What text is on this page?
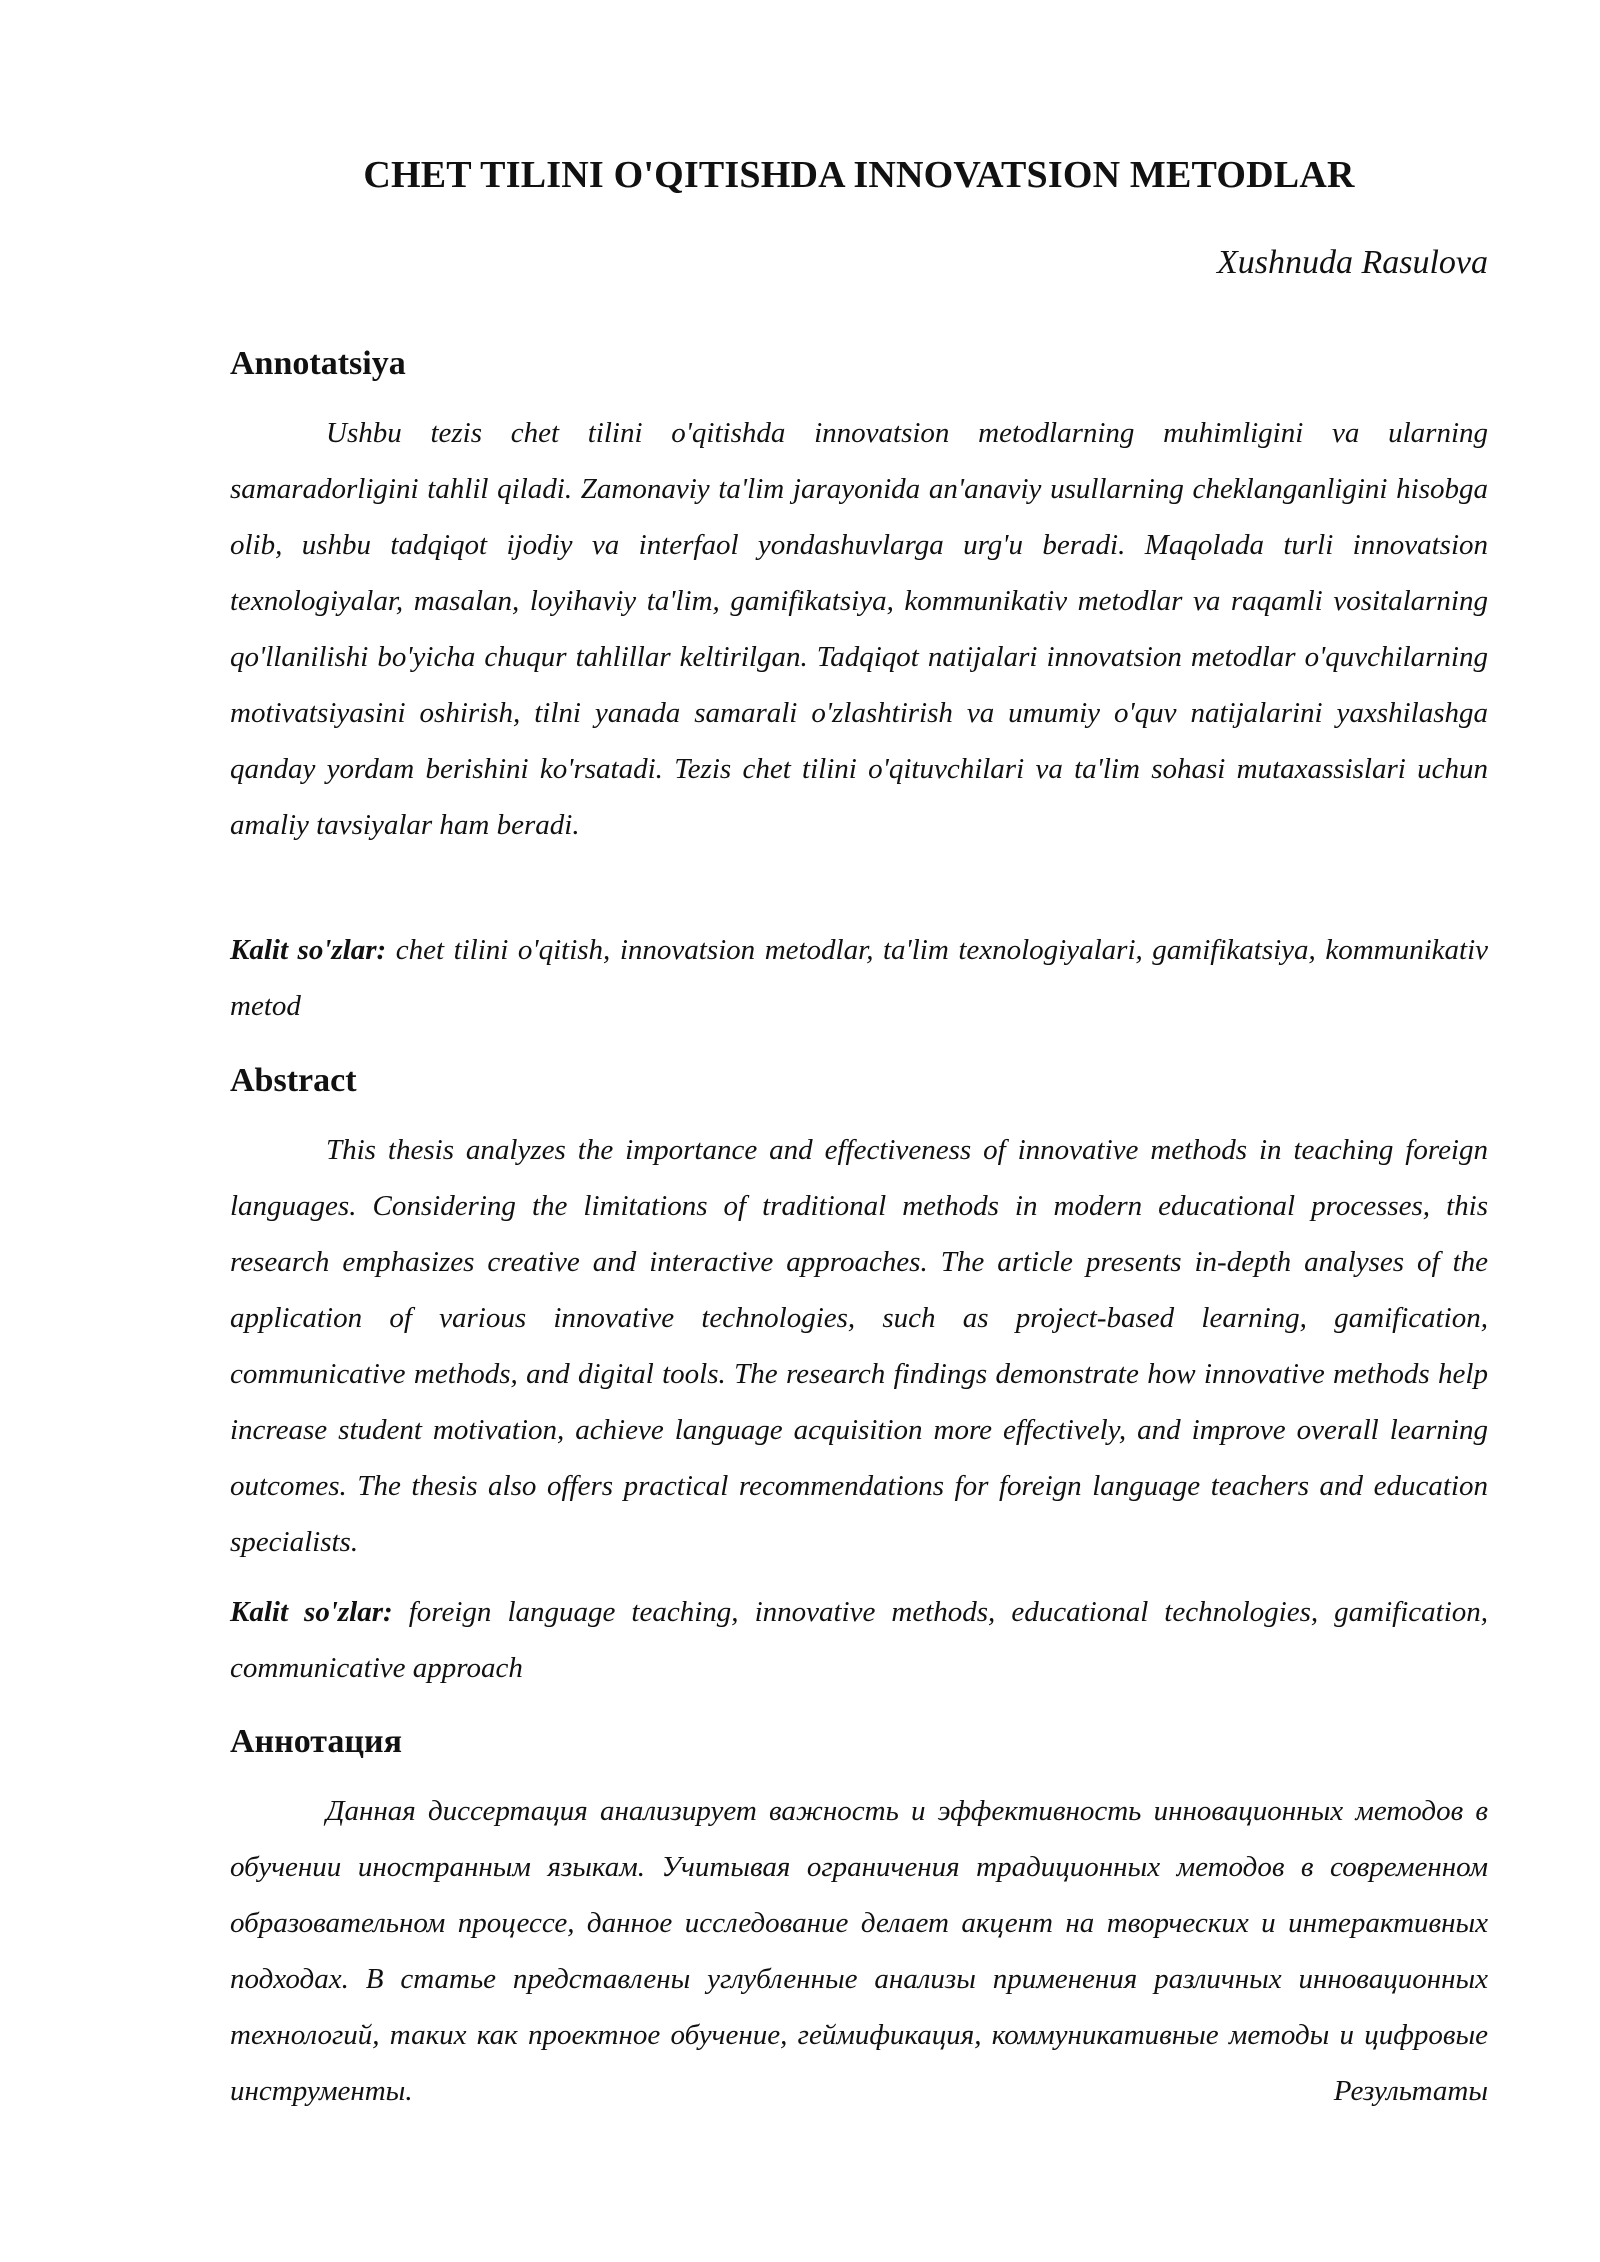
CHET TILINI O'QITISHDA INNOVATSION METODLAR
Xushnuda Rasulova
Annotatsiya

Ushbu tezis chet tilini o'qitishda innovatsion metodlarning muhimligini va ularning samaradorligini tahlil qiladi. Zamonaviy ta'lim jarayonida an'anaviy usullarning cheklanganligini hisobga olib, ushbu tadqiqot ijodiy va interfaol yondashuvlarga urg'u beradi. Maqolada turli innovatsion texnologiyalar, masalan, loyihaviy ta'lim, gamifikatsiya, kommunikativ metodlar va raqamli vositalarning qo'llanilishi bo'yicha chuqur tahlillar keltirilgan. Tadqiqot natijalari innovatsion metodlar o'quvchilarning motivatsiyasini oshirish, tilni yanada samarali o'zlashtirish va umumiy o'quv natijalarini yaxshilashga qanday yordam berishini ko'rsatadi. Tezis chet tilini o'qituvchilari va ta'lim sohasi mutaxassislari uchun amaliy tavsiyalar ham beradi.

Kalit so'zlar: chet tilini o'qitish, innovatsion metodlar, ta'lim texnologiyalari, gamifikatsiya, kommunikativ metod

Abstract

This thesis analyzes the importance and effectiveness of innovative methods in teaching foreign languages. Considering the limitations of traditional methods in modern educational processes, this research emphasizes creative and interactive approaches. The article presents in-depth analyses of the application of various innovative technologies, such as project-based learning, gamification, communicative methods, and digital tools. The research findings demonstrate how innovative methods help increase student motivation, achieve language acquisition more effectively, and improve overall learning outcomes. The thesis also offers practical recommendations for foreign language teachers and education specialists.

Kalit so'zlar: foreign language teaching, innovative methods, educational technologies, gamification, communicative approach

Аннотация

Данная диссертация анализирует важность и эффективность инновационных методов в обучении иностранным языкам. Учитывая ограничения традиционных методов в современном образовательном процессе, данное исследование делает акцент на творческих и интерактивных подходах. В статье представлены углубленные анализы применения различных инновационных технологий, таких как проектное обучение, геймификация, коммуникативные методы и цифровые инструменты. Результаты
